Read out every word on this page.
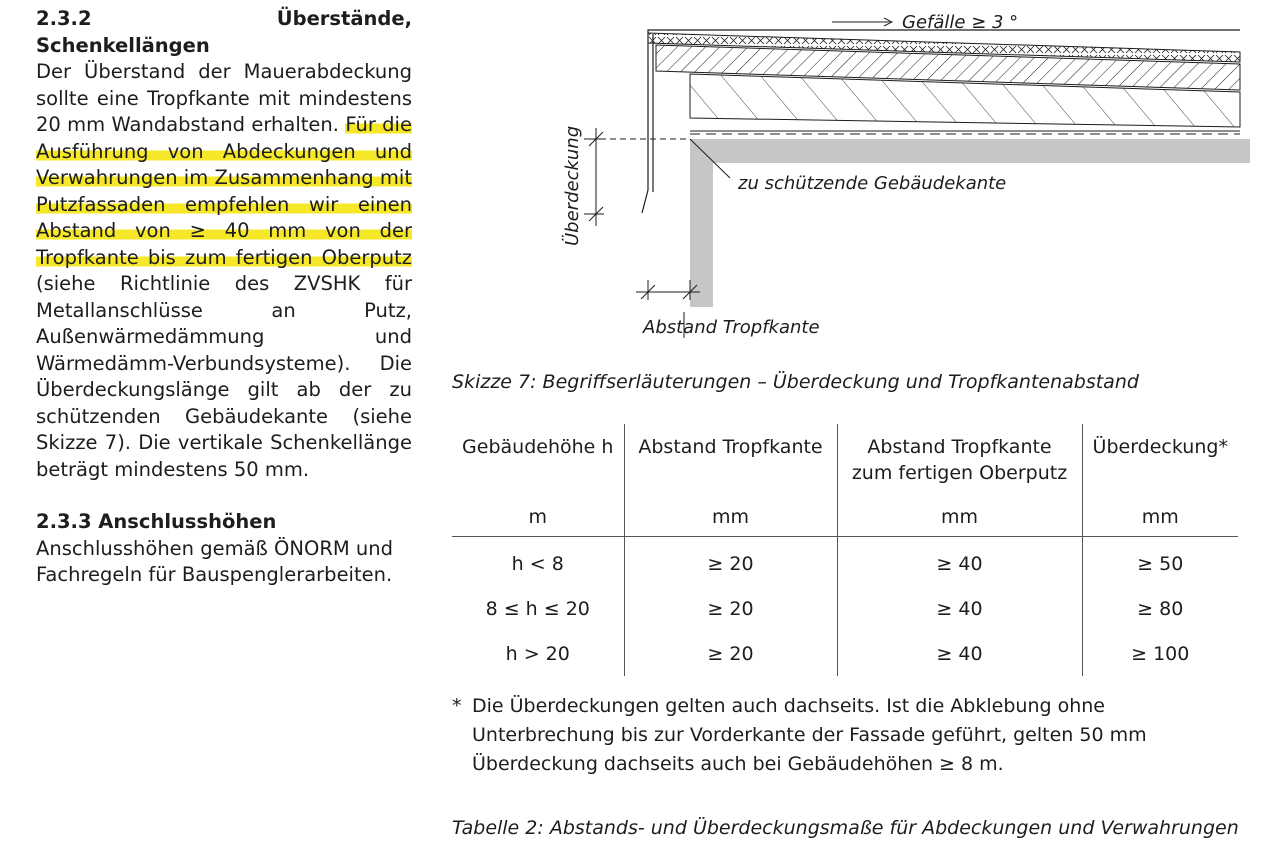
2.3.2 Überstände, Schenkellängen

Der Überstand der Mauerabdeckung sollte eine Tropfkante mit mindestens 20 mm Wandabstand erhalten. Für die Ausführung von Abdeckungen und Verwahrungen im Zusammenhang mit Putzfassaden empfehlen wir einen Abstand von ≥ 40 mm von der Tropfkante bis zum fertigen Oberputz (siehe Richtlinie des ZVSHK für Metallanschlüsse an Putz, Außenwärmedämmung und Wärmedämm-Verbundsysteme). Die Überdeckungslänge gilt ab der zu schützenden Gebäudekante (siehe Skizze 7). Die vertikale Schenkellänge beträgt mindestens 50 mm.

2.3.3 Anschlusshöhen

Anschlusshöhen gemäß ÖNORM und Fachregeln für Bauspenglerarbeiten.

Gefälle ≥ 3 °
zu schützende Gebäudekante
Überdeckung
Abstand Tropfkante
Skizze 7: Begriffserläuterungen – Überdeckung und Tropfkantenabstand
Gebäudehöhe h	Abstand Tropfkante	Abstand Tropfkante zum fertigen Oberputz	Überdeckung*
m	mm	mm	mm
h < 8	≥ 20	≥ 40	≥ 50
8 ≤ h ≤ 20	≥ 20	≥ 40	≥ 80
h > 20	≥ 20	≥ 40	≥ 100
* Die Überdeckungen gelten auch dachseits. Ist die Abklebung ohne Unterbrechung bis zur Vorderkante der Fassade geführt, gelten 50 mm Überdeckung dachseits auch bei Gebäudehöhen ≥ 8 m.
Tabelle 2: Abstands- und Überdeckungsmaße für Abdeckungen und Verwahrungen
